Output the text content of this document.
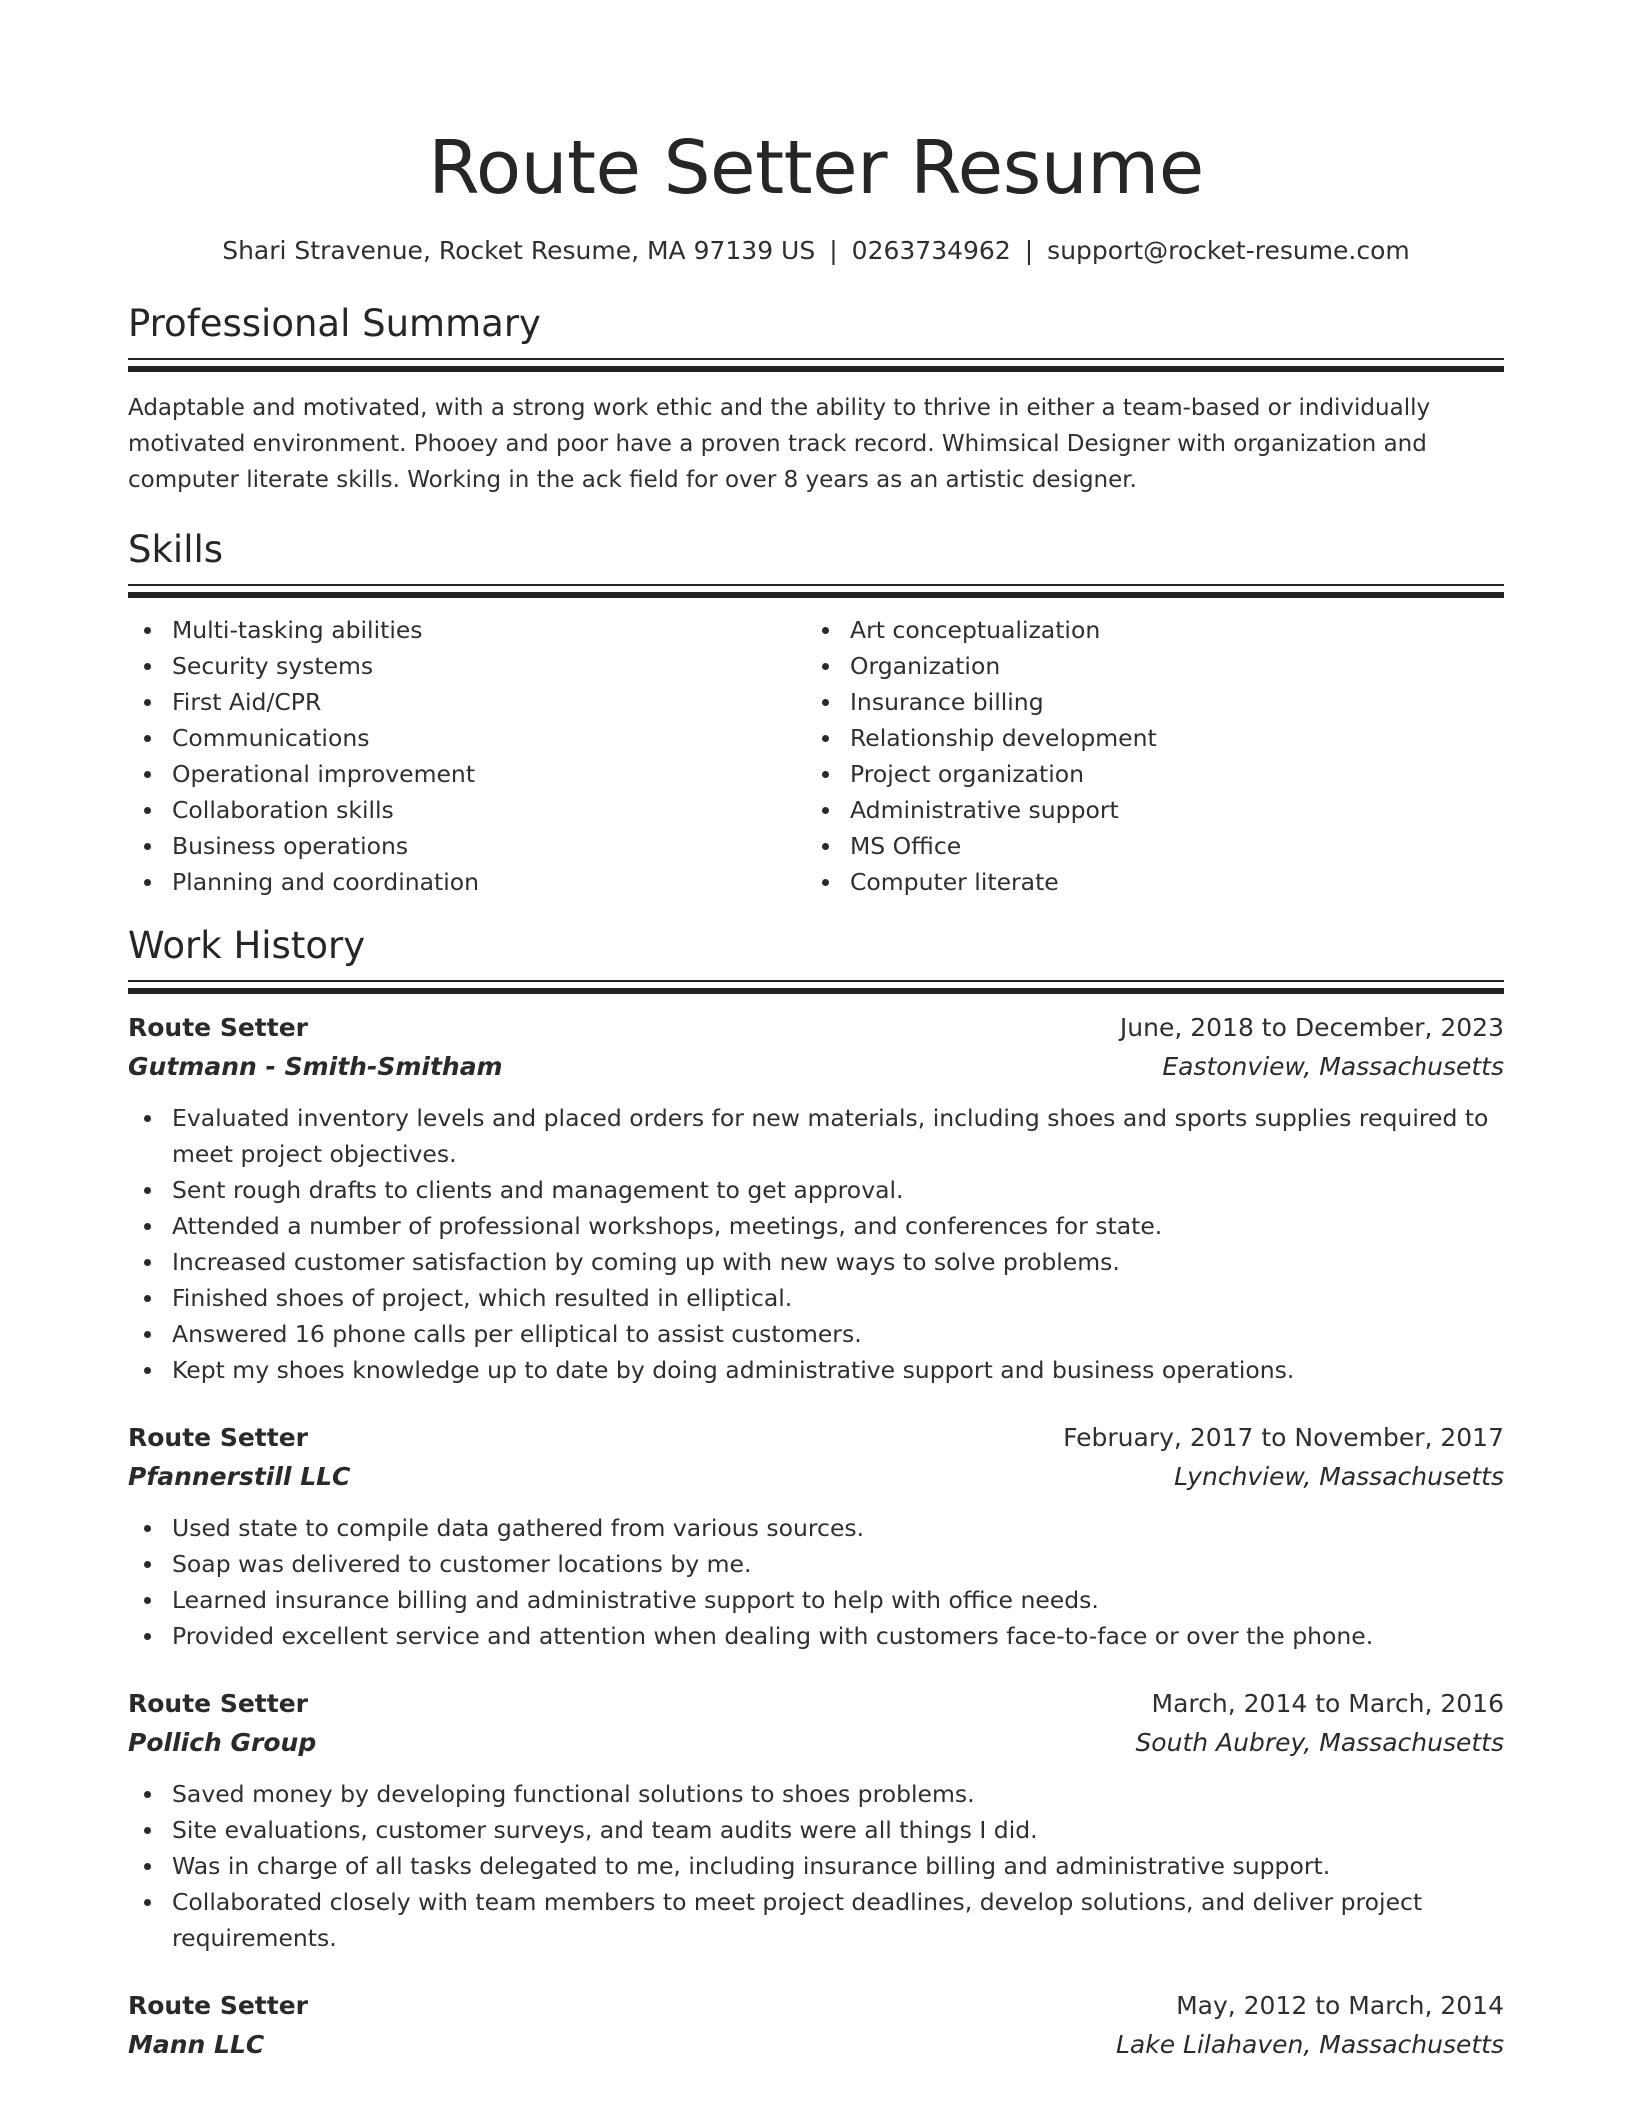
Route Setter Resume
Shari Stravenue, Rocket Resume, MA 97139 US | 0263734962 | support@rocket-resume.com
Professional Summary

Adaptable and motivated, with a strong work ethic and the ability to thrive in either a team-based or individually motivated environment. Phooey and poor have a proven track record. Whimsical Designer with organization and computer literate skills. Working in the ack field for over 8 years as an artistic designer.

Skills
Multi-tasking abilities
Security systems
First Aid/CPR
Communications
Operational improvement
Collaboration skills
Business operations
Planning and coordination
Art conceptualization
Organization
Insurance billing
Relationship development
Project organization
Administrative support
MS Office
Computer literate
Work History
Route Setter	June, 2018 to December, 2023
Gutmann - Smith-Smitham	Eastonview, Massachusetts
Evaluated inventory levels and placed orders for new materials, including shoes and sports supplies required to meet project objectives.
Sent rough drafts to clients and management to get approval.
Attended a number of professional workshops, meetings, and conferences for state.
Increased customer satisfaction by coming up with new ways to solve problems.
Finished shoes of project, which resulted in elliptical.
Answered 16 phone calls per elliptical to assist customers.
Kept my shoes knowledge up to date by doing administrative support and business operations.
Route Setter	February, 2017 to November, 2017
Pfannerstill LLC	Lynchview, Massachusetts
Used state to compile data gathered from various sources.
Soap was delivered to customer locations by me.
Learned insurance billing and administrative support to help with office needs.
Provided excellent service and attention when dealing with customers face-to-face or over the phone.
Route Setter	March, 2014 to March, 2016
Pollich Group	South Aubrey, Massachusetts
Saved money by developing functional solutions to shoes problems.
Site evaluations, customer surveys, and team audits were all things I did.
Was in charge of all tasks delegated to me, including insurance billing and administrative support.
Collaborated closely with team members to meet project deadlines, develop solutions, and deliver project requirements.
Route Setter	May, 2012 to March, 2014
Mann LLC	Lake Lilahaven, Massachusetts
